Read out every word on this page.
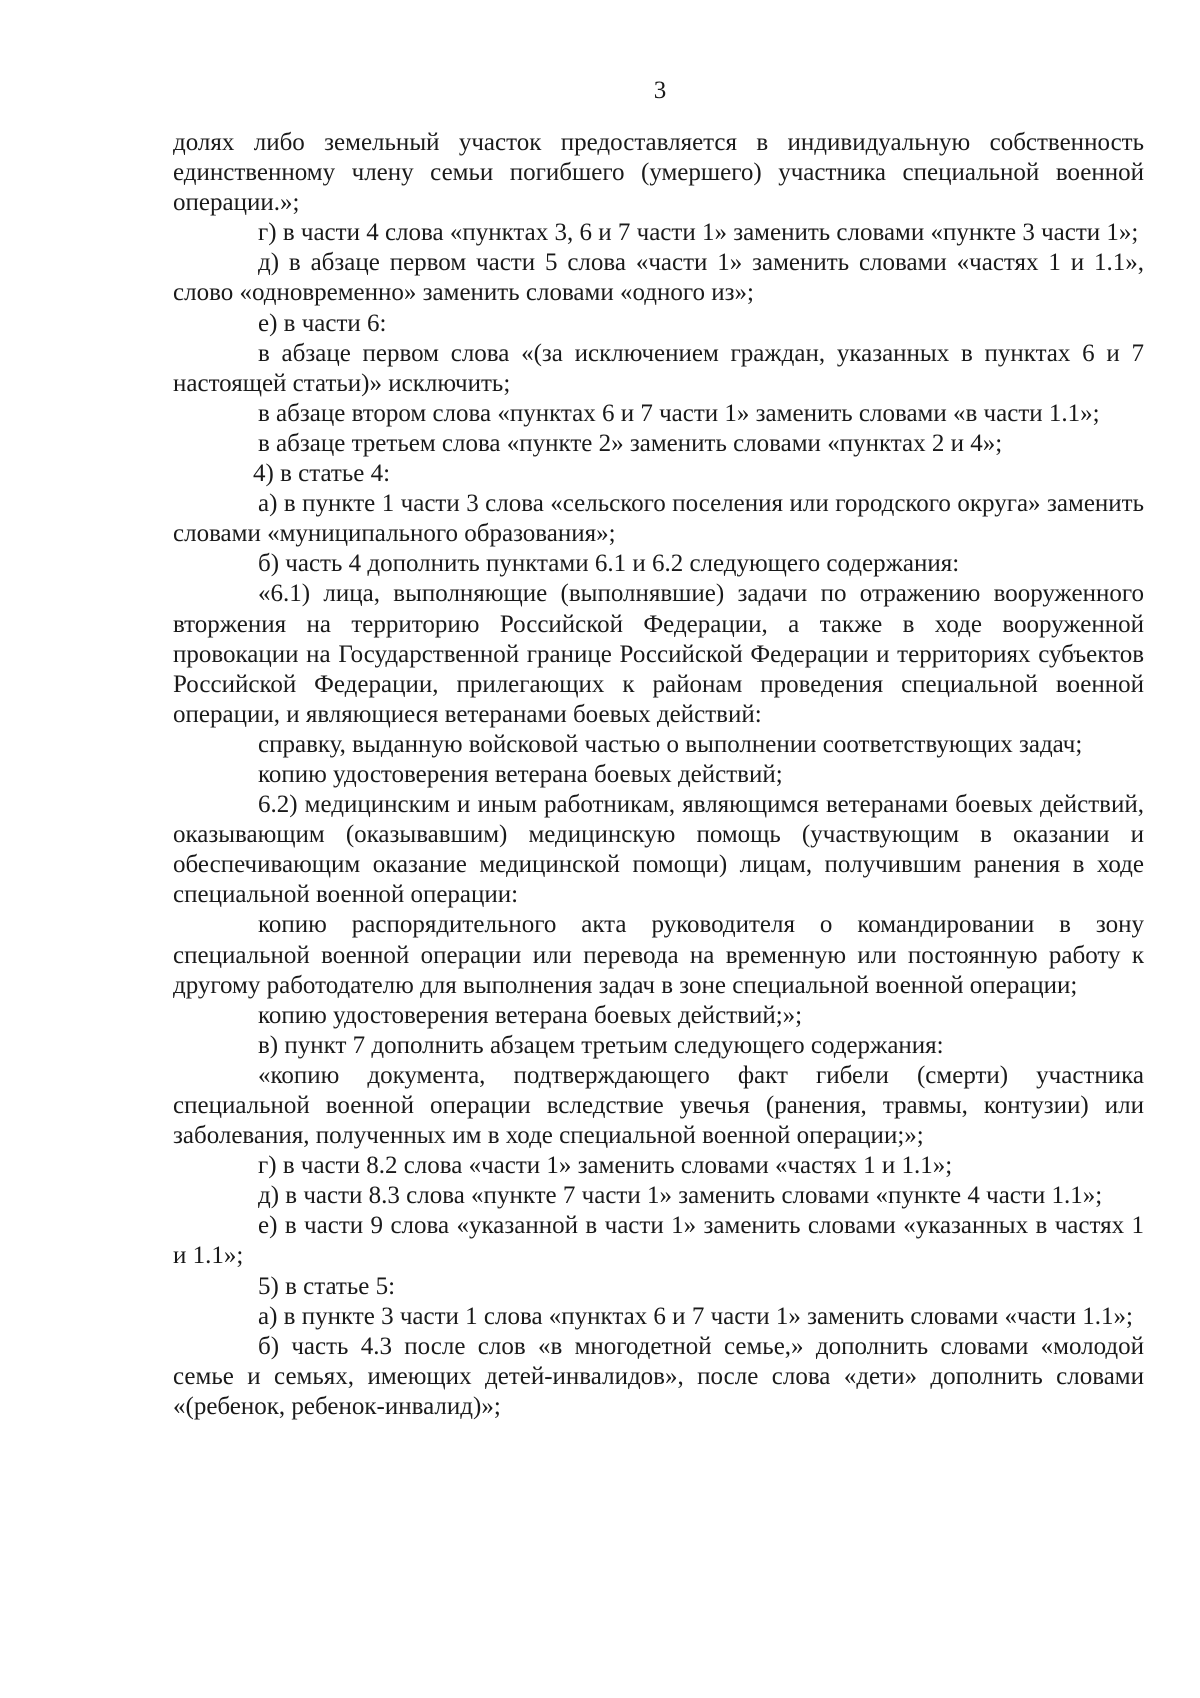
3

долях либо земельный участок предоставляется в индивидуальную собственность единственному члену семьи погибшего (умершего) участника специальной военной операции.»;

г) в части 4 слова «пунктах 3, 6 и 7 части 1» заменить словами «пункте 3 части 1»;

д) в абзаце первом части 5 слова «части 1» заменить словами «частях 1 и 1.1», слово «одновременно» заменить словами «одного из»;

е) в части 6:

в абзаце первом слова «(за исключением граждан, указанных в пунктах 6 и 7 настоящей статьи)» исключить;

в абзаце втором слова «пунктах 6 и 7 части 1» заменить словами «в части 1.1»;

в абзаце третьем слова «пункте 2» заменить словами «пунктах 2 и 4»;

4) в статье 4:

а) в пункте 1 части 3 слова «сельского поселения или городского округа» заменить словами «муниципального образования»;

б) часть 4 дополнить пунктами 6.1 и 6.2 следующего содержания:

«6.1) лица, выполняющие (выполнявшие) задачи по отражению вооруженного вторжения на территорию Российской Федерации, а также в ходе вооруженной провокации на Государственной границе Российской Федерации и территориях субъектов Российской Федерации, прилегающих к районам проведения специальной военной операции, и являющиеся ветеранами боевых действий:

справку, выданную войсковой частью о выполнении соответствующих задач;

копию удостоверения ветерана боевых действий;

6.2) медицинским и иным работникам, являющимся ветеранами боевых действий, оказывающим (оказывавшим) медицинскую помощь (участвующим в оказании и обеспечивающим оказание медицинской помощи) лицам, получившим ранения в ходе специальной военной операции:

копию распорядительного акта руководителя о командировании в зону специальной военной операции или перевода на временную или постоянную работу к другому работодателю для выполнения задач в зоне специальной военной операции;

копию удостоверения ветерана боевых действий;»;

в) пункт 7 дополнить абзацем третьим следующего содержания:

«копию документа, подтверждающего факт гибели (смерти) участника специальной военной операции вследствие увечья (ранения, травмы, контузии) или заболевания, полученных им в ходе специальной военной операции;»;

г) в части 8.2 слова «части 1» заменить словами «частях 1 и 1.1»;

д) в части 8.3 слова «пункте 7 части 1» заменить словами «пункте 4 части 1.1»;

е) в части 9 слова «указанной в части 1» заменить словами «указанных в частях 1 и 1.1»;

5) в статье 5:

а) в пункте 3 части 1 слова «пунктах 6 и 7 части 1» заменить словами «части 1.1»;

б) часть 4.3 после слов «в многодетной семье,» дополнить словами «молодой семье и семьях, имеющих детей-инвалидов», после слова «дети» дополнить словами «(ребенок, ребенок-инвалид)»;
